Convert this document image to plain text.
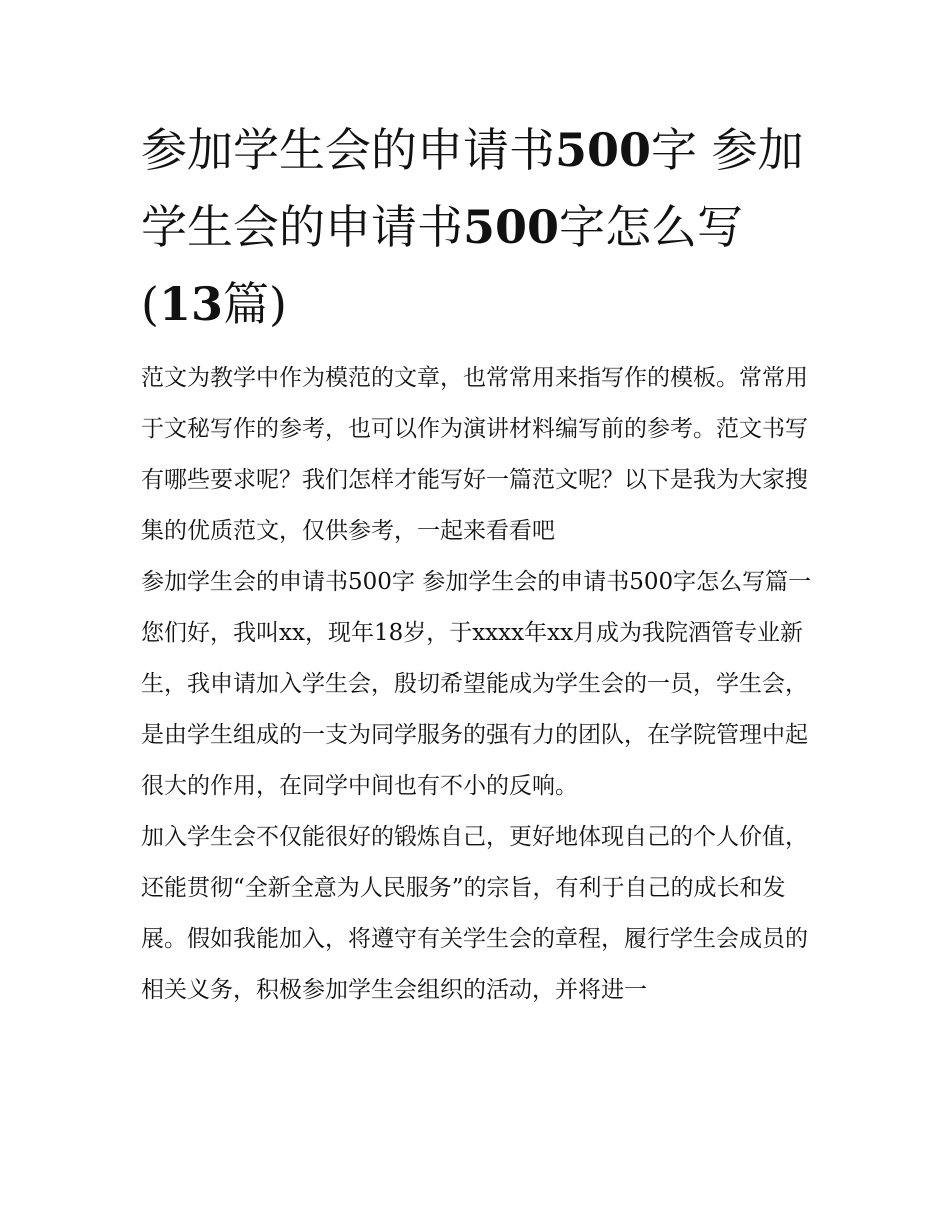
参加学生会的申请书500字 参加学生会的申请书500字怎么写(13篇)

范文为教学中作为模范的文章，也常常用来指写作的模板。常常用于文秘写作的参考，也可以作为演讲材料编写前的参考。范文书写有哪些要求呢？我们怎样才能写好一篇范文呢？以下是我为大家搜集的优质范文，仅供参考，一起来看看吧

参加学生会的申请书500字 参加学生会的申请书500字怎么写篇一

您们好，我叫xx，现年18岁，于xxxx年xx月成为我院酒管专业新生，我申请加入学生会，殷切希望能成为学生会的一员，学生会，是由学生组成的一支为同学服务的强有力的团队，在学院管理中起很大的作用，在同学中间也有不小的反响。

加入学生会不仅能很好的锻炼自己，更好地体现自己的个人价值，还能贯彻“全新全意为人民服务”的宗旨，有利于自己的成长和发展。假如我能加入，将遵守有关学生会的章程，履行学生会成员的相关义务，积极参加学生会组织的活动，并将进一
